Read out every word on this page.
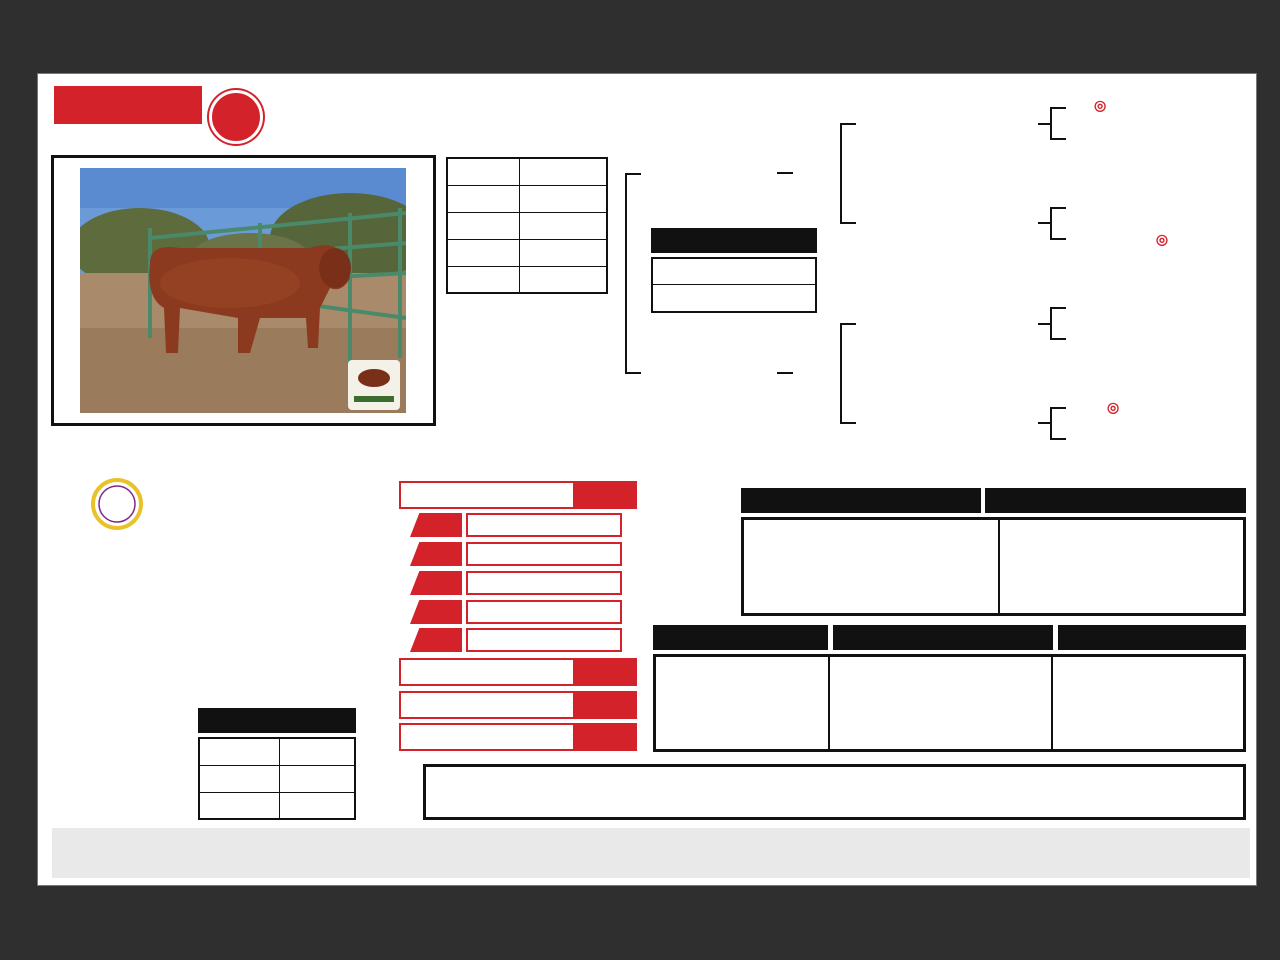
◎
◎
◎
